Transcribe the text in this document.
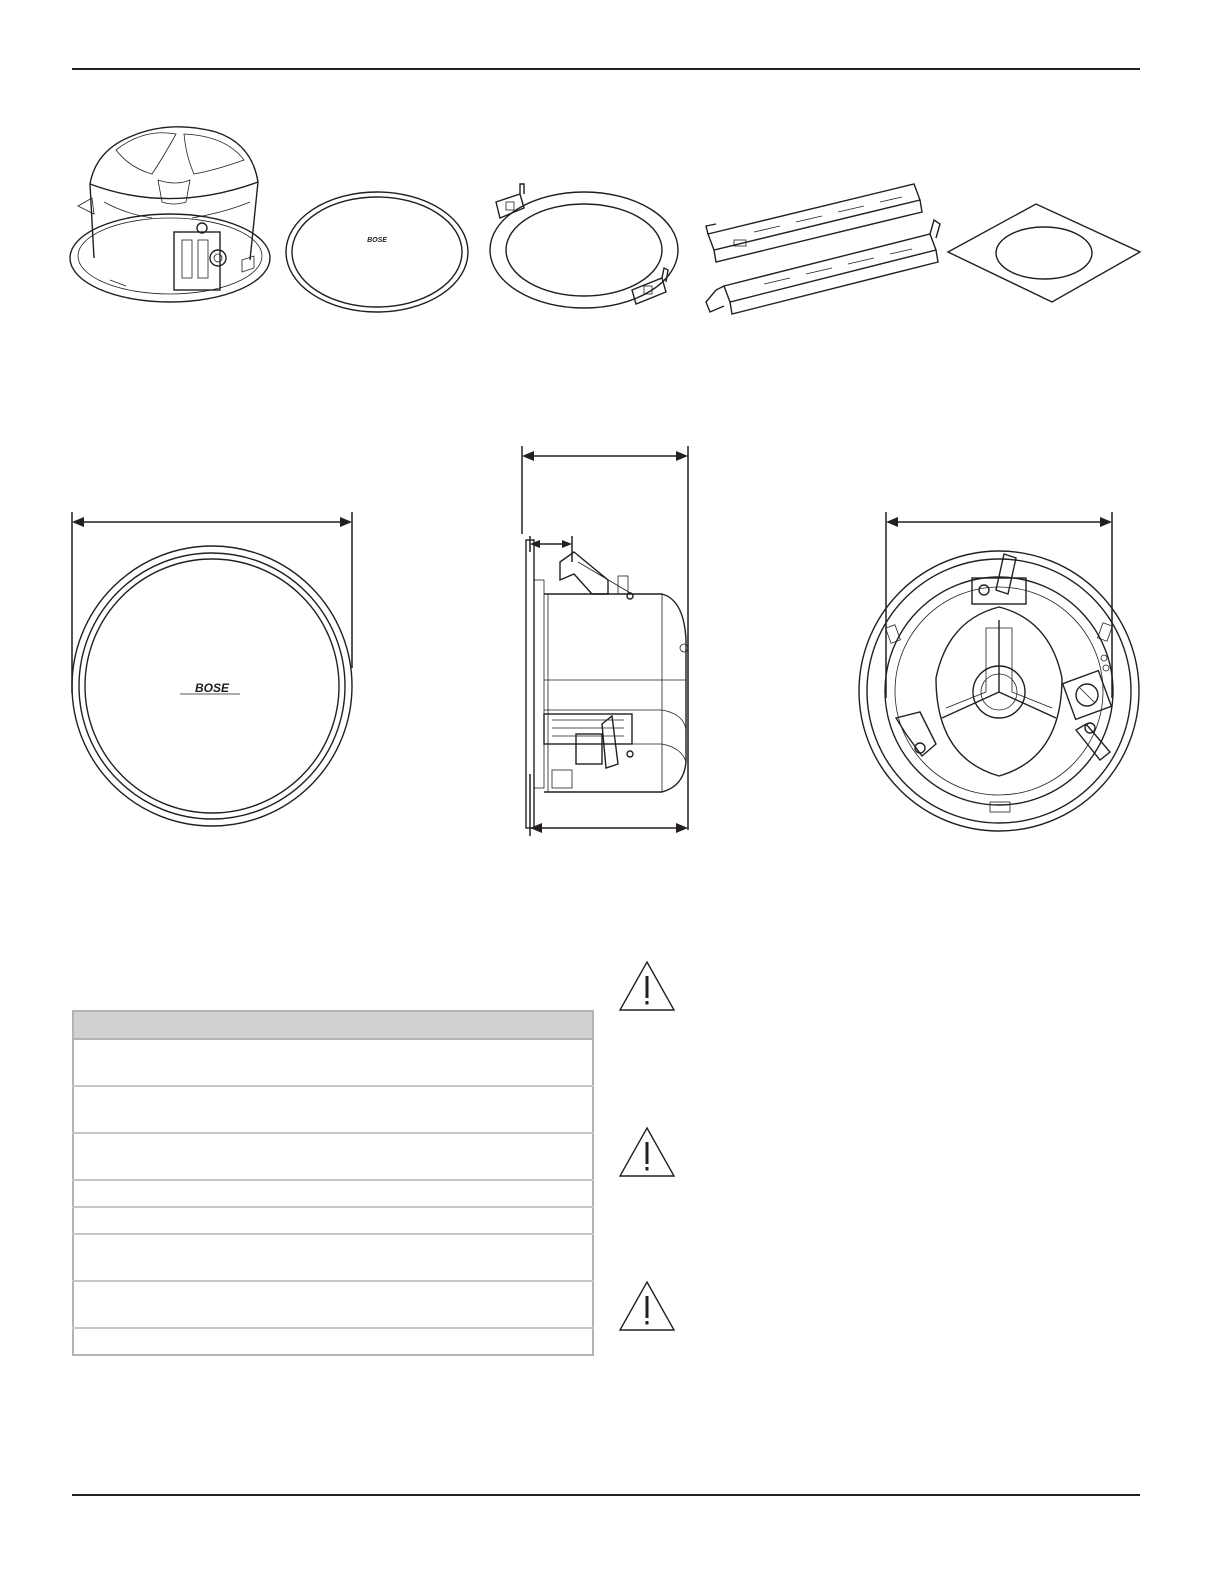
BOSE
BOSE
